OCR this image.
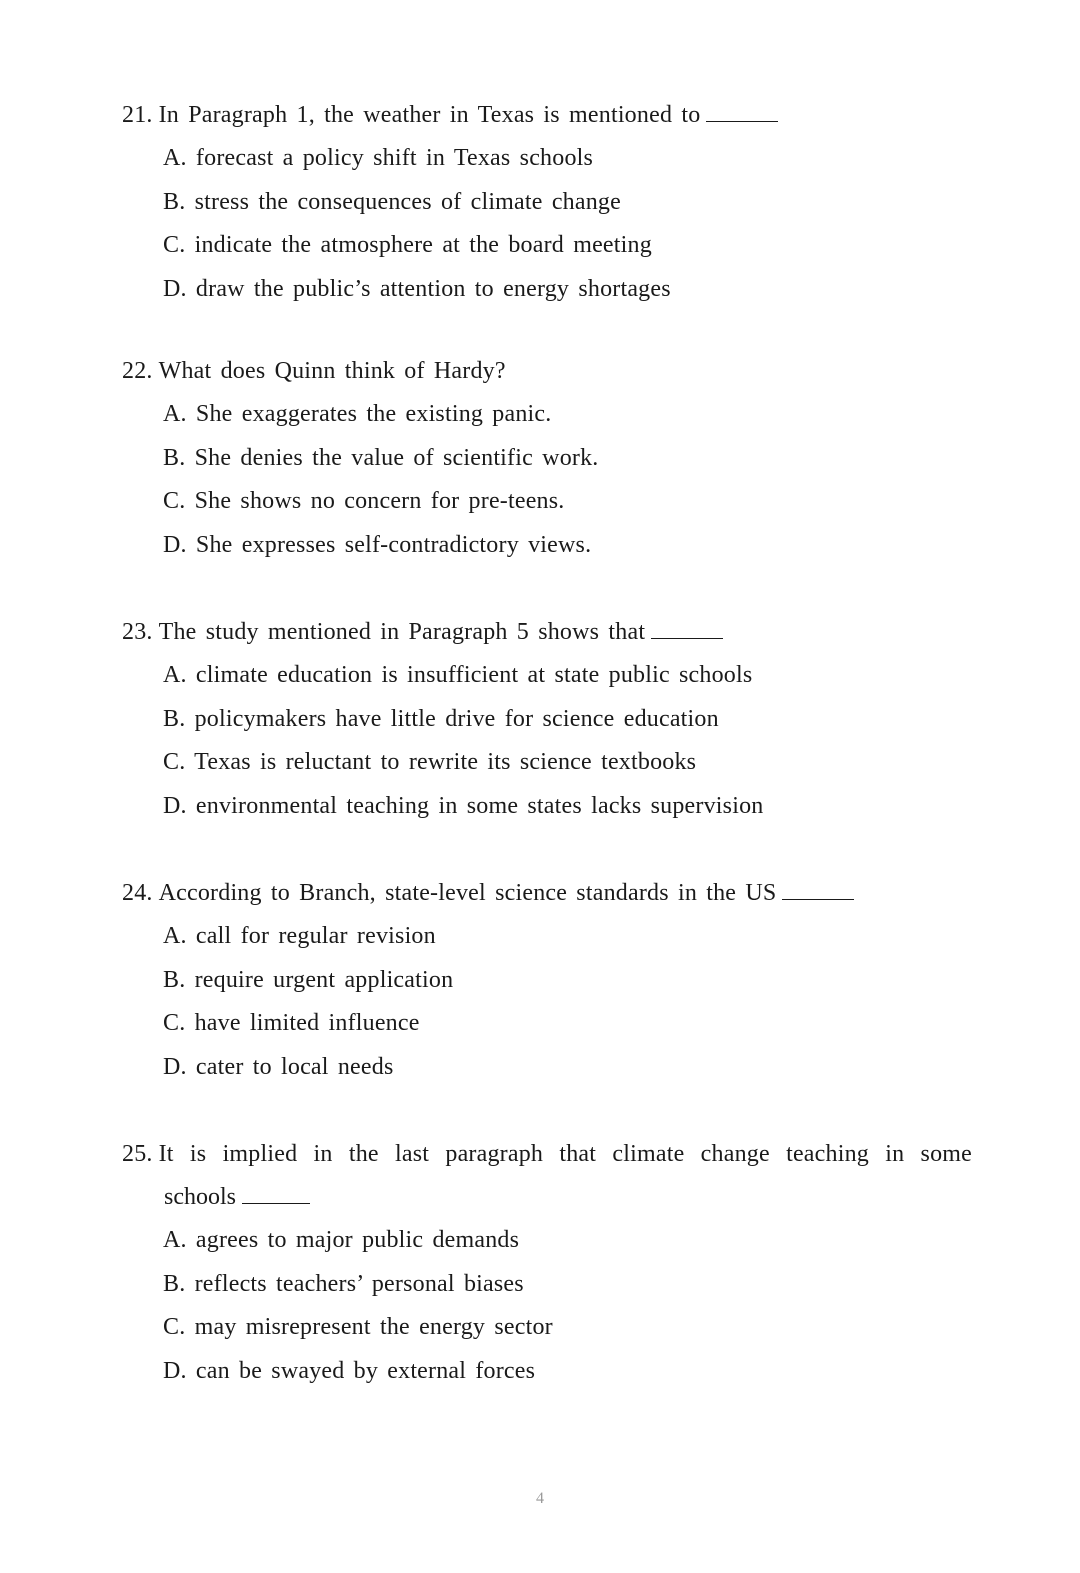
21. In Paragraph 1, the weather in Texas is mentioned to
A. forecast a policy shift in Texas schools
B. stress the consequences of climate change
C. indicate the atmosphere at the board meeting
D. draw the public’s attention to energy shortages
22. What does Quinn think of Hardy?
A. She exaggerates the existing panic.
B. She denies the value of scientific work.
C. She shows no concern for pre-teens.
D. She expresses self-contradictory views.
23. The study mentioned in Paragraph 5 shows that
A. climate education is insufficient at state public schools
B. policymakers have little drive for science education
C. Texas is reluctant to rewrite its science textbooks
D. environmental teaching in some states lacks supervision
24. According to Branch, state-level science standards in the US
A. call for regular revision
B. require urgent application
C. have limited influence
D. cater to local needs
25. It is implied in the last paragraph that climate change teaching in some
schools
A. agrees to major public demands
B. reflects teachers’ personal biases
C. may misrepresent the energy sector
D. can be swayed by external forces
4
